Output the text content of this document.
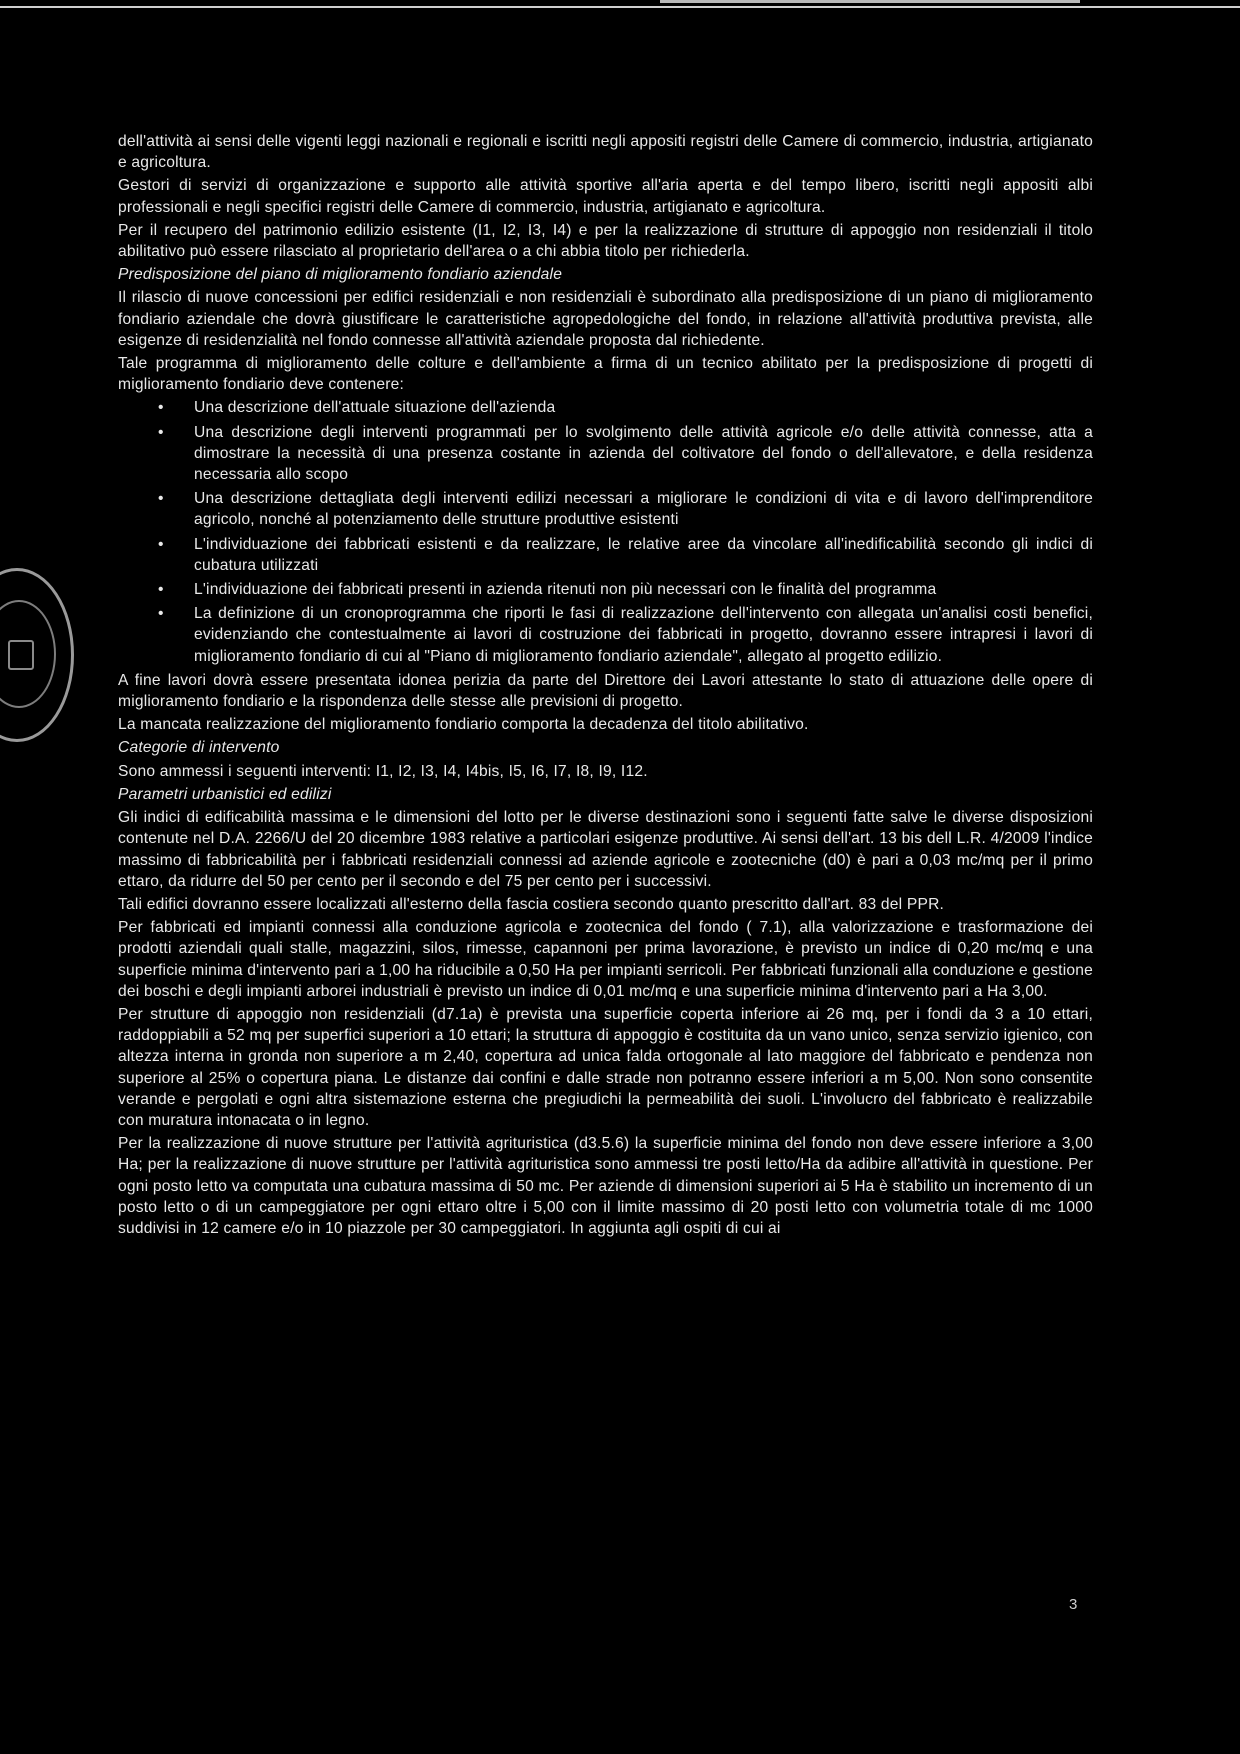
dell'attività ai sensi delle vigenti leggi nazionali e regionali e iscritti negli appositi registri delle Camere di commercio, industria, artigianato e agricoltura.

Gestori di servizi di organizzazione e supporto alle attività sportive all'aria aperta e del tempo libero, iscritti negli appositi albi professionali e negli specifici registri delle Camere di commercio, industria, artigianato e agricoltura.

Per il recupero del patrimonio edilizio esistente (I1, I2, I3, I4) e per la realizzazione di strutture di appoggio non residenziali il titolo abilitativo può essere rilasciato al proprietario dell'area o a chi abbia titolo per richiederla.

Predisposizione del piano di miglioramento fondiario aziendale

Il rilascio di nuove concessioni per edifici residenziali e non residenziali è subordinato alla predisposizione di un piano di miglioramento fondiario aziendale che dovrà giustificare le caratteristiche agropedologiche del fondo, in relazione all'attività produttiva prevista, alle esigenze di residenzialità nel fondo connesse all'attività aziendale proposta dal richiedente.

Tale programma di miglioramento delle colture e dell'ambiente a firma di un tecnico abilitato per la predisposizione di progetti di miglioramento fondiario deve contenere:

• Una descrizione dell'attuale situazione dell'azienda
• Una descrizione degli interventi programmati per lo svolgimento delle attività agricole e/o delle attività connesse, atta a dimostrare la necessità di una presenza costante in azienda del coltivatore del fondo o dell'allevatore, e della residenza necessaria allo scopo
• Una descrizione dettagliata degli interventi edilizi necessari a migliorare le condizioni di vita e di lavoro dell'imprenditore agricolo, nonché al potenziamento delle strutture produttive esistenti
• L'individuazione dei fabbricati esistenti e da realizzare, le relative aree da vincolare all'inedificabilità secondo gli indici di cubatura utilizzati
• L'individuazione dei fabbricati presenti in azienda ritenuti non più necessari con le finalità del programma
• La definizione di un cronoprogramma che riporti le fasi di realizzazione dell'intervento con allegata un'analisi costi benefici, evidenziando che contestualmente ai lavori di costruzione dei fabbricati in progetto, dovranno essere intrapresi i lavori di miglioramento fondiario di cui al "Piano di miglioramento fondiario aziendale", allegato al progetto edilizio.

A fine lavori dovrà essere presentata idonea perizia da parte del Direttore dei Lavori attestante lo stato di attuazione delle opere di miglioramento fondiario e la rispondenza delle stesse alle previsioni di progetto.

La mancata realizzazione del miglioramento fondiario comporta la decadenza del titolo abilitativo.

Categorie di intervento

Sono ammessi i seguenti interventi: I1, I2, I3, I4, I4bis, I5, I6, I7, I8, I9, I12.

Parametri urbanistici ed edilizi

Gli indici di edificabilità massima e le dimensioni del lotto per le diverse destinazioni sono i seguenti fatte salve le diverse disposizioni contenute nel D.A. 2266/U del 20 dicembre 1983 relative a particolari esigenze produttive. Ai sensi dell'art. 13 bis dell L.R. 4/2009 l'indice massimo di fabbricabilità per i fabbricati residenziali connessi ad aziende agricole e zootecniche (d0) è pari a 0,03 mc/mq per il primo ettaro, da ridurre del 50 per cento per il secondo e del 75 per cento per i successivi.

Tali edifici dovranno essere localizzati all'esterno della fascia costiera secondo quanto prescritto dall'art. 83 del PPR.

Per fabbricati ed impianti connessi alla conduzione agricola e zootecnica del fondo ( 7.1), alla valorizzazione e trasformazione dei prodotti aziendali quali stalle, magazzini, silos, rimesse, capannoni per prima lavorazione, è previsto un indice di 0,20 mc/mq e una superficie minima d'intervento pari a 1,00 ha riducibile a 0,50 Ha per impianti serricoli. Per fabbricati funzionali alla conduzione e gestione dei boschi e degli impianti arborei industriali è previsto un indice di 0,01 mc/mq e una superficie minima d'intervento pari a Ha 3,00.

Per strutture di appoggio non residenziali (d7.1a) è prevista una superficie coperta inferiore ai 26 mq, per i fondi da 3 a 10 ettari, raddoppiabili a 52 mq per superfici superiori a 10 ettari; la struttura di appoggio è costituita da un vano unico, senza servizio igienico, con altezza interna in gronda non superiore a m 2,40, copertura ad unica falda ortogonale al lato maggiore del fabbricato e pendenza non superiore al 25% o copertura piana. Le distanze dai confini e dalle strade non potranno essere inferiori a m 5,00. Non sono consentite verande e pergolati e ogni altra sistemazione esterna che pregiudichi la permeabilità dei suoli. L'involucro del fabbricato è realizzabile con muratura intonacata o in legno.

Per la realizzazione di nuove strutture per l'attività agrituristica (d3.5.6) la superficie minima del fondo non deve essere inferiore a 3,00 Ha; per la realizzazione di nuove strutture per l'attività agrituristica sono ammessi tre posti letto/Ha da adibire all'attività in questione. Per ogni posto letto va computata una cubatura massima di 50 mc. Per aziende di dimensioni superiori ai 5 Ha è stabilito un incremento di un posto letto o di un campeggiatore per ogni ettaro oltre i 5,00 con il limite massimo di 20 posti letto con volumetria totale di mc 1000 suddivisi in 12 camere e/o in 10 piazzole per 30 campeggiatori. In aggiunta agli ospiti di cui ai

3
